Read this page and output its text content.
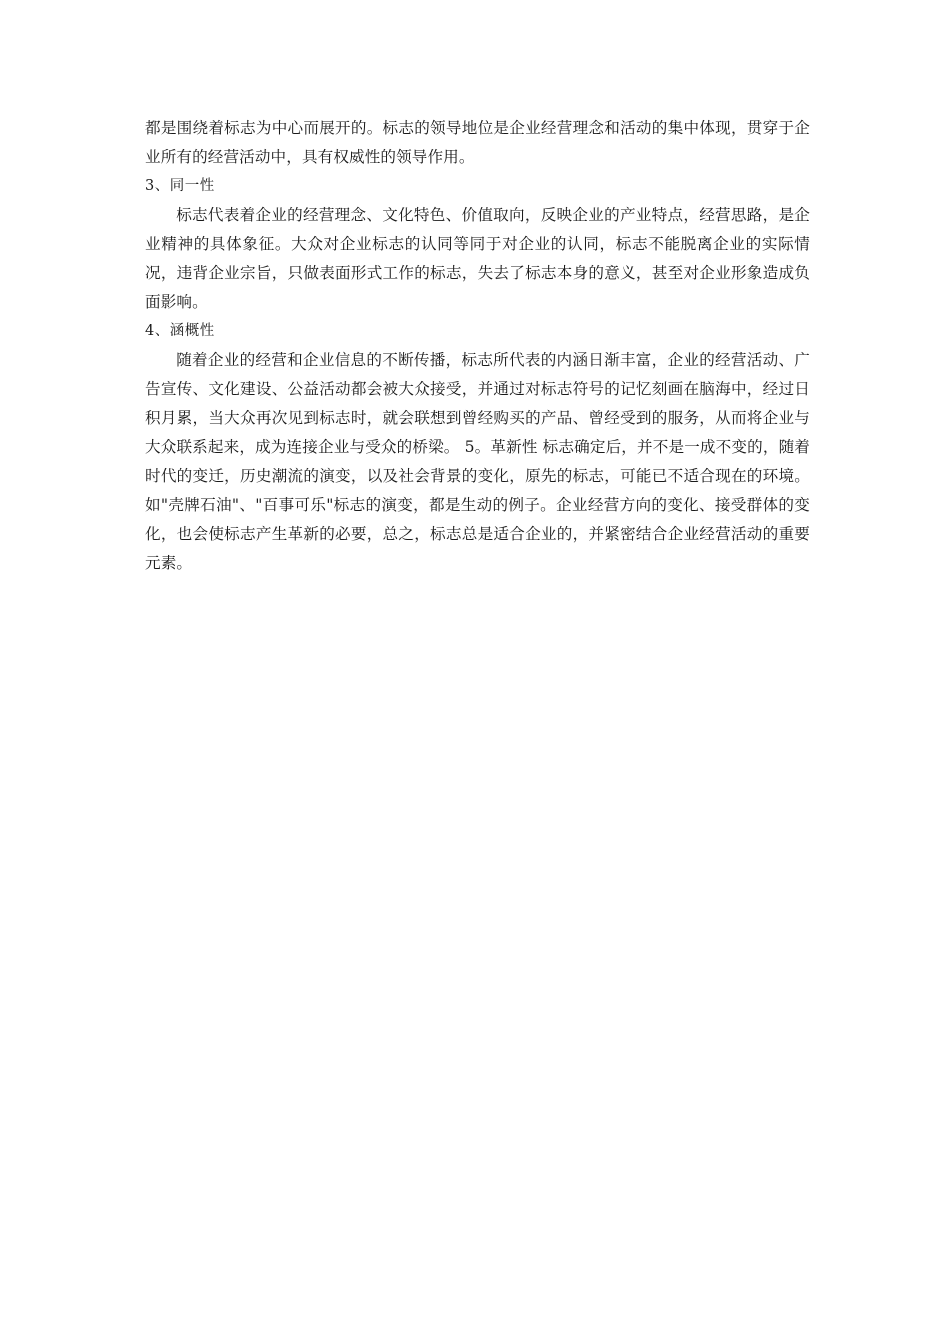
都是围绕着标志为中心而展开的。标志的领导地位是企业经营理念和活动的集中体现，贯穿于企业所有的经营活动中，具有权威性的领导作用。

3、同一性

标志代表着企业的经营理念、文化特色、价值取向，反映企业的产业特点，经营思路，是企业精神的具体象征。大众对企业标志的认同等同于对企业的认同，标志不能脱离企业的实际情况，违背企业宗旨，只做表面形式工作的标志，失去了标志本身的意义，甚至对企业形象造成负面影响。

4、涵概性

随着企业的经营和企业信息的不断传播，标志所代表的内涵日渐丰富，企业的经营活动、广告宣传、文化建设、公益活动都会被大众接受，并通过对标志符号的记忆刻画在脑海中，经过日积月累，当大众再次见到标志时，就会联想到曾经购买的产品、曾经受到的服务，从而将企业与大众联系起来，成为连接企业与受众的桥梁。 5。革新性 标志确定后，并不是一成不变的，随着时代的变迁，历史潮流的演变，以及社会背景的变化，原先的标志，可能已不适合现在的环境。如"壳牌石油"、"百事可乐"标志的演变，都是生动的例子。企业经营方向的变化、接受群体的变化，也会使标志产生革新的必要，总之，标志总是适合企业的，并紧密结合企业经营活动的重要元素。
